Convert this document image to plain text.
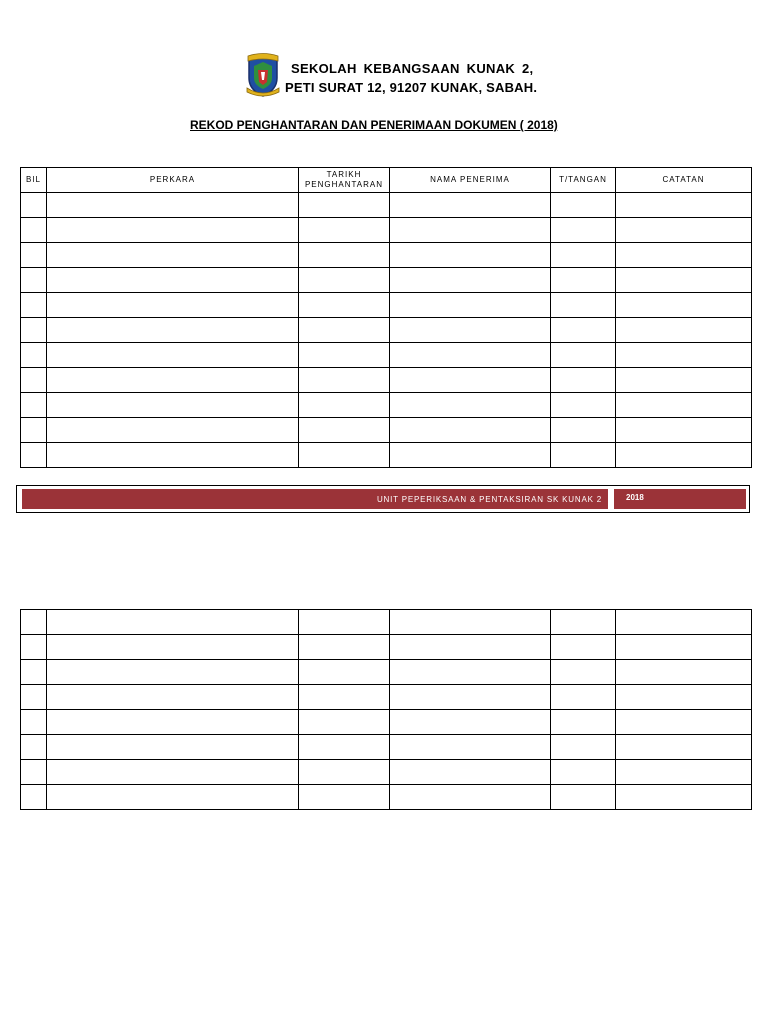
SEKOLAH KEBANGSAAN KUNAK 2,
PETI SURAT 12, 91207 KUNAK, SABAH.
REKOD PENGHANTARAN DAN PENERIMAAN DOKUMEN ( 2018)
BIL	PERKARA	TARIKH
PENGHANTARAN	NAMA PENERIMA	T/TANGAN	CATATAN

UNIT PEPERIKSAAN & PENTAKSIRAN SK KUNAK 2	2018
